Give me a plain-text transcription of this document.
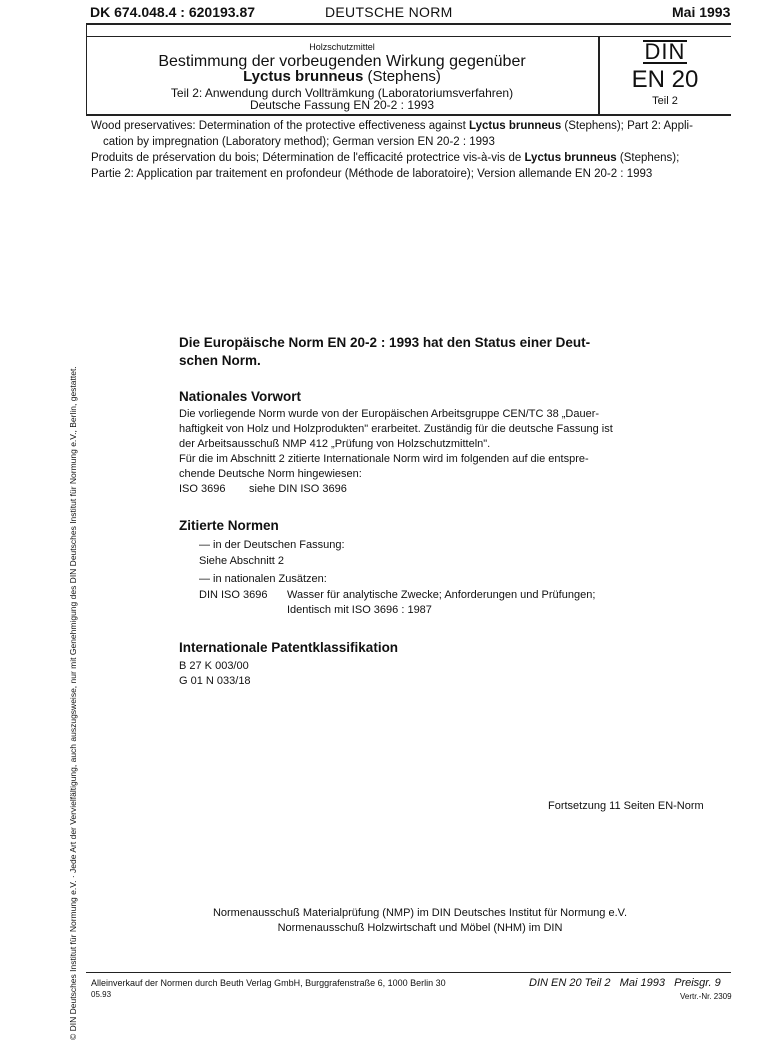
DK 674.048.4 : 620193.87	DEUTSCHE NORM	Mai 1993
Holzschutzmittel
Bestimmung der vorbeugenden Wirkung gegenüber
Lyctus brunneus (Stephens)
Teil 2: Anwendung durch Vollträmkung (Laboratoriumsverfahren)
Deutsche Fassung EN 20-2 : 1993
DIN
EN 20
Teil 2
Wood preservatives: Determination of the protective effectiveness against Lyctus brunneus (Stephens); Part 2: Appli-
cation by impregnation (Laboratory method); German version EN 20-2 : 1993
Produits de préservation du bois; Détermination de l'efficacité protectrice vis-à-vis de Lyctus brunneus (Stephens);
Partie 2: Application par traitement en profondeur (Méthode de laboratoire); Version allemande EN 20-2 : 1993
© DIN Deutsches Institut für Normung e.V. · Jede Art der Vervielfältigung, auch auszugsweise, nur mit Genehmigung des DIN Deutsches Institut für Normung e.V., Berlin, gestattet.
Die Europäische Norm EN 20-2 : 1993 hat den Status einer Deut-
schen Norm.
Nationales Vorwort
Die vorliegende Norm wurde von der Europäischen Arbeitsgruppe CEN/TC 38 „Dauer-
haftigkeit von Holz und Holzprodukten" erarbeitet. Zuständig für die deutsche Fassung ist
der Arbeitsausschuß NMP 412 „Prüfung von Holzschutzmitteln".
Für die im Abschnitt 2 zitierte Internationale Norm wird im folgenden auf die entspre-
chende Deutsche Norm hingewiesen:
ISO 3696 siehe DIN ISO 3696
Zitierte Normen
— in der Deutschen Fassung:
Siehe Abschnitt 2
— in nationalen Zusätzen:
DIN ISO 3696 Wasser für analytische Zwecke; Anforderungen und Prüfungen;
Identisch mit ISO 3696 : 1987
Internationale Patentklassifikation
B 27 K 003/00
G 01 N 033/18
Fortsetzung 11 Seiten EN-Norm
Normenausschuß Materialprüfung (NMP) im DIN Deutsches Institut für Normung e.V.
Normenausschuß Holzwirtschaft und Möbel (NHM) im DIN
Alleinverkauf der Normen durch Beuth Verlag GmbH, Burggrafenstraße 6, 1000 Berlin 30
05.93
DIN EN 20 Teil 2   Mai 1993   Preisgr. 9
Vertr.-Nr. 2309
